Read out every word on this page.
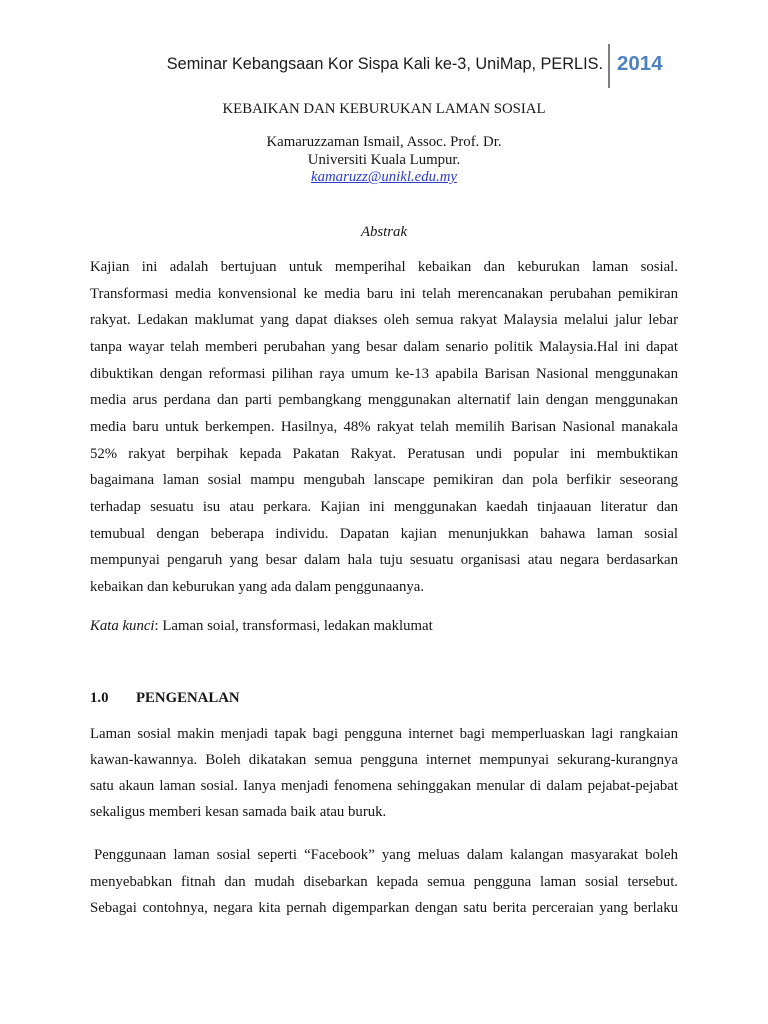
Seminar Kebangsaan Kor Sispa Kali ke-3, UniMap, PERLIS. 2014
KEBAIKAN DAN KEBURUKAN LAMAN SOSIAL
Kamaruzzaman Ismail, Assoc. Prof. Dr.
Universiti Kuala Lumpur.
kamaruzz@unikl.edu.my
Abstrak
Kajian ini adalah bertujuan untuk memperihal kebaikan dan keburukan laman sosial.
Transformasi media konvensional ke media baru ini telah merencanakan perubahan pemikiran
rakyat. Ledakan maklumat yang dapat diakses oleh semua rakyat Malaysia melalui jalur lebar
tanpa wayar telah memberi perubahan yang besar dalam senario politik Malaysia.Hal ini dapat
dibuktikan dengan reformasi pilihan raya umum ke-13 apabila Barisan Nasional menggunakan
media arus perdana dan parti pembangkang menggunakan alternatif lain dengan menggunakan
media baru untuk berkempen. Hasilnya, 48% rakyat telah memilih Barisan Nasional manakala
52% rakyat berpihak kepada Pakatan Rakyat. Peratusan undi popular ini membuktikan
bagaimana laman sosial mampu mengubah lanscape pemikiran dan pola berfikir seseorang
terhadap sesuatu isu atau perkara. Kajian ini menggunakan kaedah tinjaauan literatur dan
temubual dengan beberapa individu. Dapatan kajian menunjukkan bahawa laman sosial
mempunyai pengaruh yang besar dalam hala tuju sesuatu organisasi atau negara berdasarkan
kebaikan dan keburukan yang ada dalam penggunaanya.
Kata kunci: Laman soial, transformasi, ledakan maklumat
1.0 PENGENALAN
Laman sosial makin menjadi tapak bagi pengguna internet bagi memperluaskan lagi rangkaian
kawan-kawannya. Boleh dikatakan semua pengguna internet mempunyai sekurang-kurangnya
satu akaun laman sosial. Ianya menjadi fenomena sehinggakan menular di dalam pejabat-pejabat
sekaligus memberi kesan samada baik atau buruk.
Penggunaan laman sosial seperti “Facebook” yang meluas dalam kalangan masyarakat boleh
menyebabkan fitnah dan mudah disebarkan kepada semua pengguna laman sosial tersebut.
Sebagai contohnya, negara kita pernah digemparkan dengan satu berita perceraian yang berlaku
